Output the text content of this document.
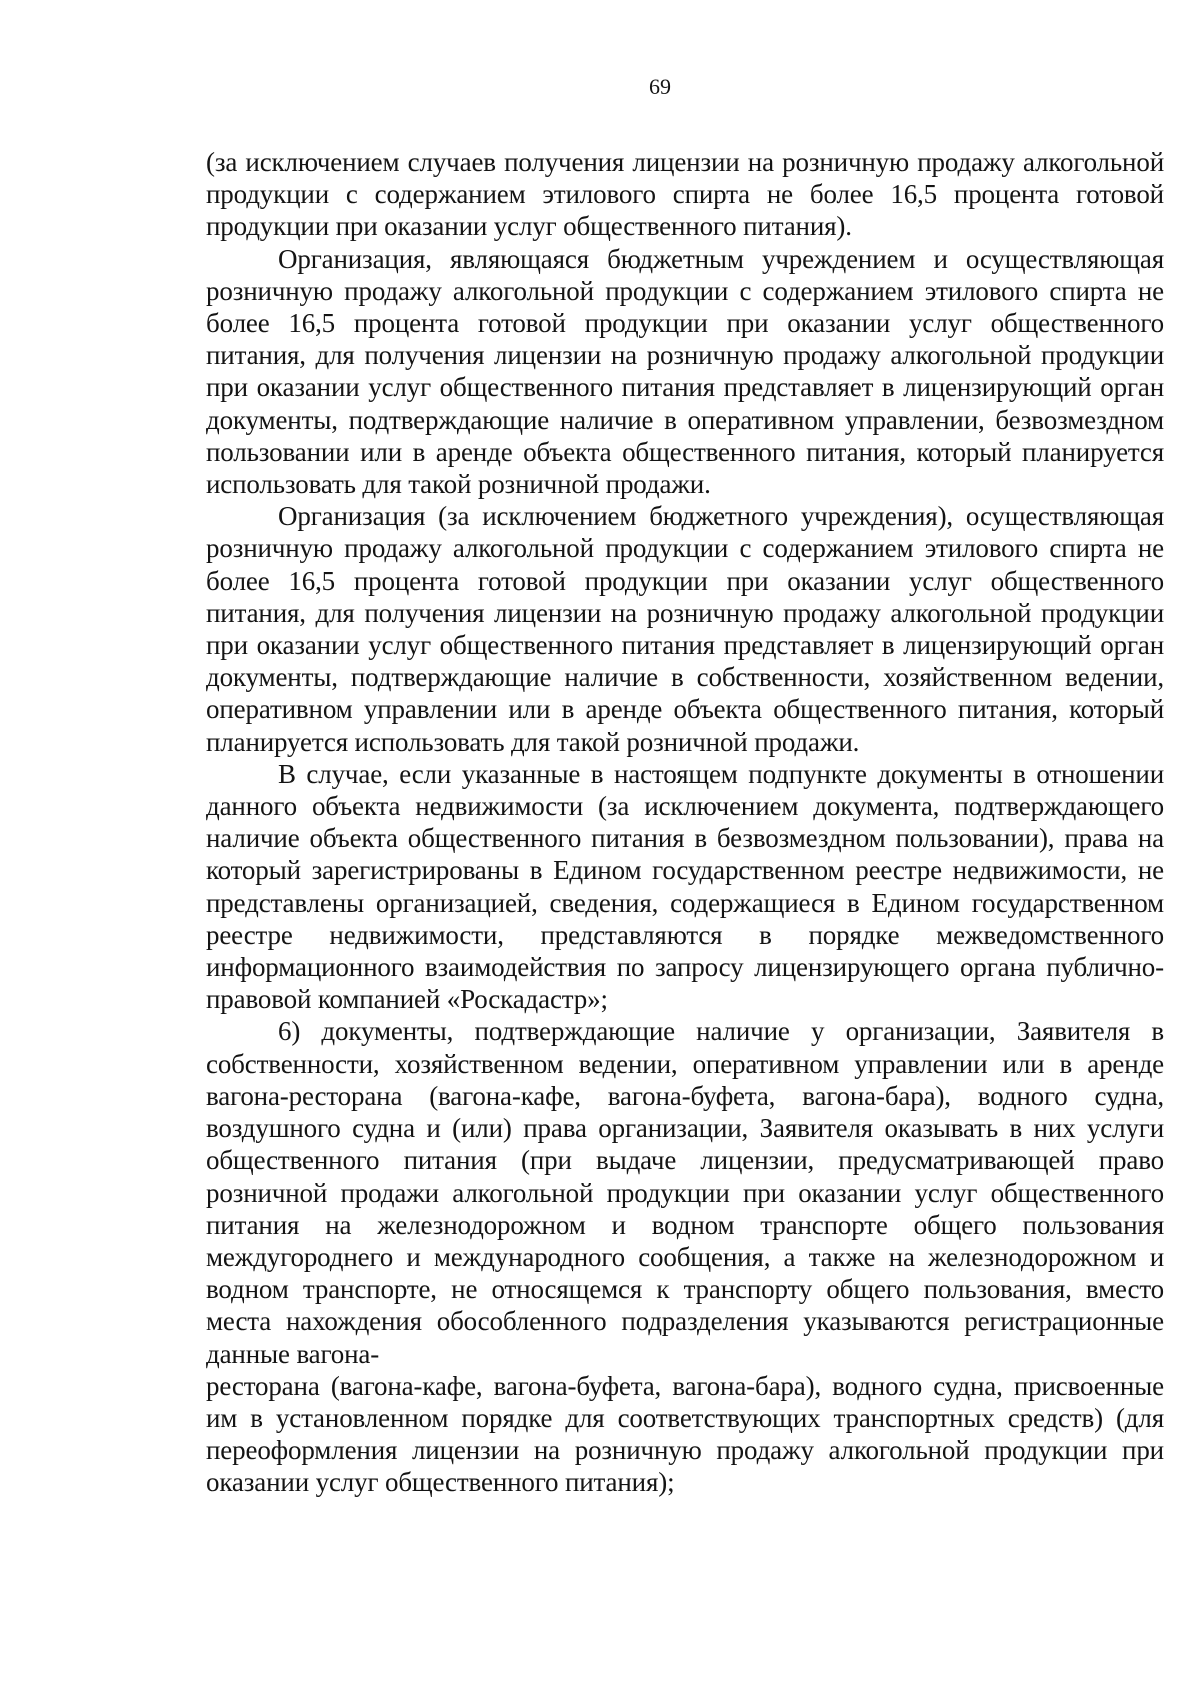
69

(за исключением случаев получения лицензии на розничную продажу алкогольной продукции с содержанием этилового спирта не более 16,5 процента готовой продукции при оказании услуг общественного питания).

Организация, являющаяся бюджетным учреждением и осуществляющая розничную продажу алкогольной продукции с содержанием этилового спирта не более 16,5 процента готовой продукции при оказании услуг общественного питания, для получения лицензии на розничную продажу алкогольной продукции при оказании услуг общественного питания представляет в лицензирующий орган документы, подтверждающие наличие в оперативном управлении, безвозмездном пользовании или в аренде объекта общественного питания, который планируется использовать для такой розничной продажи.

Организация (за исключением бюджетного учреждения), осуществляющая розничную продажу алкогольной продукции с содержанием этилового спирта не более 16,5 процента готовой продукции при оказании услуг общественного питания, для получения лицензии на розничную продажу алкогольной продукции при оказании услуг общественного питания представляет в лицензирующий орган документы, подтверждающие наличие в собственности, хозяйственном ведении, оперативном управлении или в аренде объекта общественного питания, который планируется использовать для такой розничной продажи.

В случае, если указанные в настоящем подпункте документы в отношении данного объекта недвижимости (за исключением документа, подтверждающего наличие объекта общественного питания в безвозмездном пользовании), права на который зарегистрированы в Едином государственном реестре недвижимости, не представлены организацией, сведения, содержащиеся в Едином государственном реестре недвижимости, представляются в порядке межведомственного информационного взаимодействия по запросу лицензирующего органа публично-правовой компанией «Роскадастр»;

6) документы, подтверждающие наличие у организации, Заявителя в собственности, хозяйственном ведении, оперативном управлении или в аренде вагона-ресторана (вагона-кафе, вагона-буфета, вагона-бара), водного судна, воздушного судна и (или) права организации, Заявителя оказывать в них услуги общественного питания (при выдаче лицензии, предусматривающей право розничной продажи алкогольной продукции при оказании услуг общественного питания на железнодорожном и водном транспорте общего пользования междугороднего и международного сообщения, а также на железнодорожном и водном транспорте, не относящемся к транспорту общего пользования, вместо места нахождения обособленного подразделения указываются регистрационные данные вагона-
ресторана (вагона-кафе, вагона-буфета, вагона-бара), водного судна, присвоенные им в установленном порядке для соответствующих транспортных средств) (для переоформления лицензии на розничную продажу алкогольной продукции при оказании услуг общественного питания);
